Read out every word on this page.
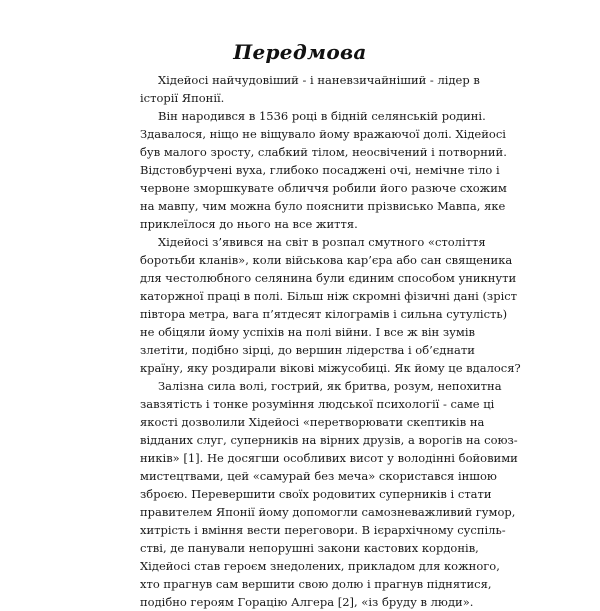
Передмова
Хідейосі найчудовіший - і наневзичайніший - лідер в
історії Японії.
Він народився в 1536 році в бідній селянській родині.
Здавалося, ніщо не віщувало йому вражаючої долі. Хідейосі
був малого зросту, слабкий тілом, неосвічений і потворний.
Відстовбурчені вуха, глибоко посаджені очі, немічне тіло і
червоне зморшкувате обличчя робили його разюче схожим
на мавпу, чим можна було пояснити прізвисько Мавпа, яке
приклеїлося до нього на все життя.
Хідейосі з’явився на світ в розпал смутного «століття
боротьби кланів», коли військова кар’єра або сан священика
для честолюбного селянина були єдиним способом уникнути
каторжної праці в полі. Більш ніж скромні фізичні дані (зріст
півтора метра, вага п’ятдесят кілограмів і сильна сутулість)
не обіцяли йому успіхів на полі війни. І все ж він зумів
злетіти, подібно зірці, до вершин лідерства і об’єднати
країну, яку роздирали вікові міжусобиці. Як йому це вдалося?
Залізна сила волі, гострий, як бритва, розум, непохитна
завзятість і тонке розуміння людської психології - саме ці
якості дозволили Хідейосі «перетворювати скептиків на
відданих слуг, суперників на вірних друзів, а ворогів на союз-
ників» [1]. Не досягши особливих висот у володінні бойовими
мистецтвами, цей «самурай без меча» скористався іншою
зброєю. Перевершити своїх родовитих суперників і стати
правителем Японії йому допомогли самозневажливий гумор,
хитрість і вміння вести переговори. В ієрархічному суспіль-
стві, де панували непорушні закони кастових кордонів,
Хідейосі став героєм знедолених, прикладом для кожного,
хто прагнув сам вершити свою долю і прагнув піднятися,
подібно героям Горацію Алгера [2], «із бруду в люди».
